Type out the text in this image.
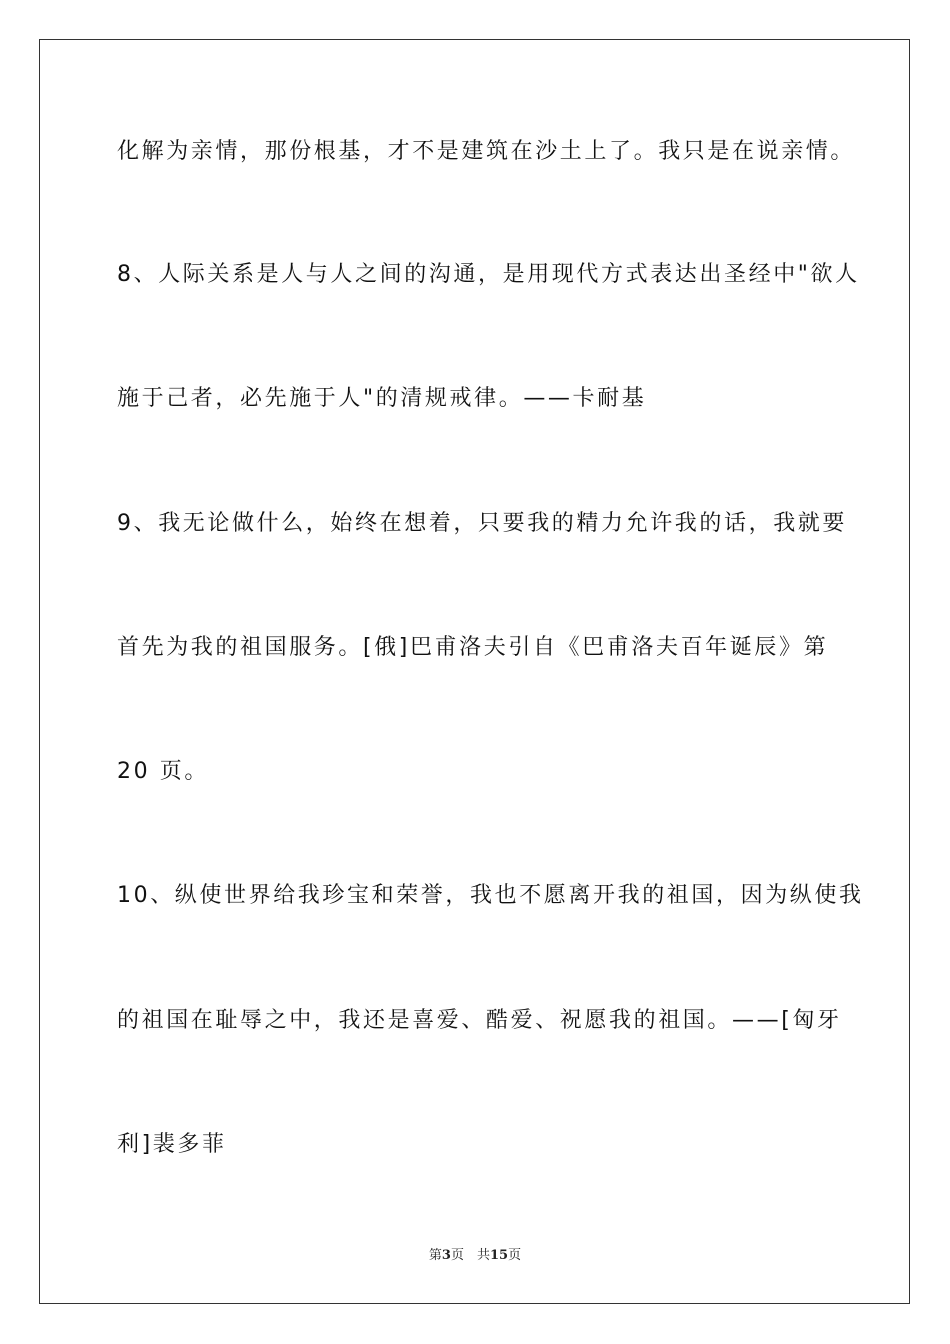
化解为亲情，那份根基，才不是建筑在沙土上了。我只是在说亲情。
8、人际关系是人与人之间的沟通，是用现代方式表达出圣经中"欲人
施于己者，必先施于人"的清规戒律。——卡耐基
9、我无论做什么，始终在想着，只要我的精力允许我的话，我就要
首先为我的祖国服务。[俄]巴甫洛夫引自《巴甫洛夫百年诞辰》第
20 页。
10、纵使世界给我珍宝和荣誉，我也不愿离开我的祖国，因为纵使我
的祖国在耻辱之中，我还是喜爱、酷爱、祝愿我的祖国。——[匈牙
利]裴多菲
第3页　共15页
